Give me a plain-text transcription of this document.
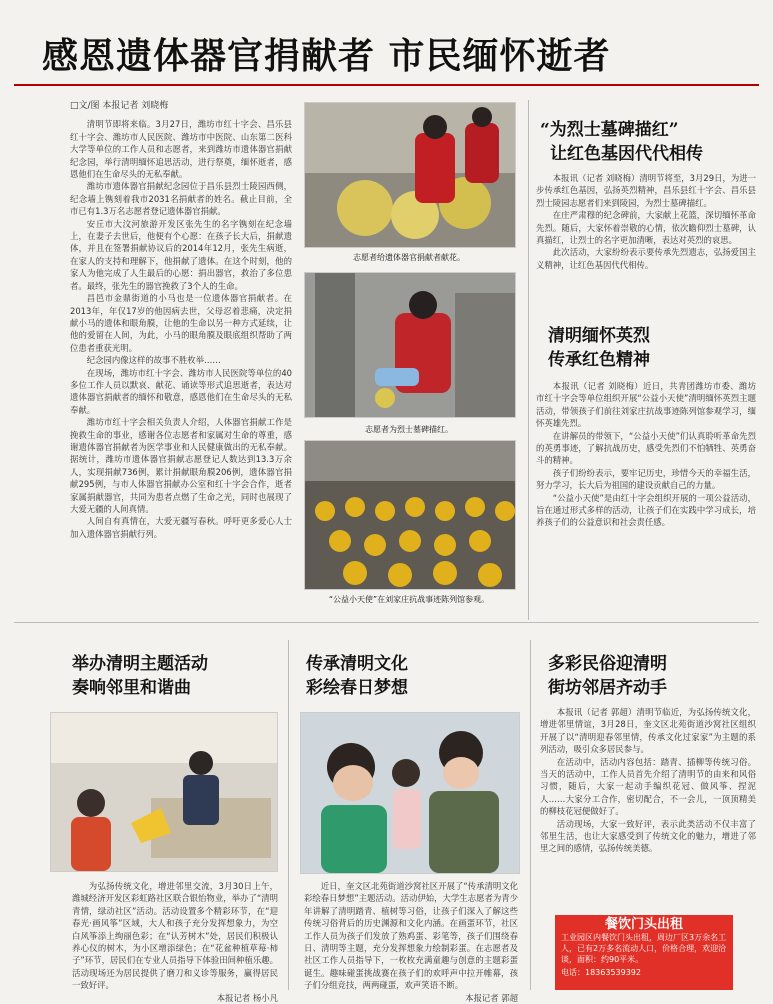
感恩遗体器官捐献者 市民缅怀逝者
□文/图 本报记者 刘晓梅

清明节即将来临。3月27日，潍坊市红十字会、昌乐县红十字会、潍坊市人民医院、潍坊市中医院、山东第二医科大学等单位的工作人员和志愿者，来到潍坊市遗体器官捐献纪念园，举行清明缅怀追思活动，进行祭奠，缅怀逝者，感恩他们在生命尽头的无私奉献。

潍坊市遗体器官捐献纪念园位于昌乐县烈士陵园西侧，纪念墙上镌刻着我市2031名捐献者的姓名。截止目前，全市已有1.3万名志愿者登记遗体器官捐献。

安丘市大汶河旅游开发区张先生的名字镌刻在纪念墙上，在妻子去世后，他便有个心愿：在孩子长大后，捐献遗体，并且在签署捐献协议后的2014年12月，张先生病逝，在家人的支持和理解下，他捐献了遗体。在这个时刻，他的家人为他完成了人生最后的心愿：捐出器官，救治了多位患者。最终，张先生的器官挽救了3个人的生命。

昌邑市金鼎街道的小马也是一位遗体器官捐献者。在2013年，年仅17岁的他因病去世，父母忍着悲痛，决定捐献小马的遗体和眼角膜，让他的生命以另一种方式延续，让他的爱留在人间，为此，小马的眼角膜及眼底组织帮助了两位患者重获光明。

纪念园内像这样的故事不胜枚举……

在现场，潍坊市红十字会、潍坊市人民医院等单位的40多位工作人员以默哀、献花、诵读等形式追思逝者，表达对遗体器官捐献者的缅怀和敬意，感恩他们在生命尽头的无私奉献。

潍坊市红十字会相关负责人介绍，人体器官捐献工作是挽救生命的事业，感谢各位志愿者和家属对生命的尊重，感谢遗体器官捐献者为医学事业和人民健康做出的无私奉献。据统计，潍坊市遗体器官捐献志愿登记人数达到13.3万余人，实现捐献736例，累计捐献眼角膜206例，遗体器官捐献295例，与市人体器官捐献办公室和红十字会合作，逝者家属捐献器官，共同为患者点燃了生命之光，同时也展现了大爱无疆的人间真情。

人间自有真情在，大爱无疆写春秋。呼吁更多爱心人士加入遗体器官捐献行列。

志愿者给遗体器官捐献者献花。
志愿者为烈士墓碑描红。
“公益小天使”在刘家庄抗战事迹陈列馆参观。
“为烈士墓碑描红”
让红色基因代代相传

本报讯（记者 刘晓梅）清明节将至，3月29日，为进一步传承红色基因，弘扬英烈精神，昌乐县红十字会、昌乐县烈士陵园志愿者们来到陵园，为烈士墓碑描红。

在庄严肃穆的纪念碑前，大家献上花篮，深切缅怀革命先烈。随后，大家怀着崇敬的心情，依次瞻仰烈士墓碑，认真描红，让烈士的名字更加清晰，表达对英烈的哀思。

此次活动，大家纷纷表示要传承先烈遗志，弘扬爱国主义精神，让红色基因代代相传。

清明缅怀英烈
传承红色精神

本报讯（记者 刘晓梅）近日，共青团潍坊市委、潍坊市红十字会等单位组织开展“公益小天使”清明缅怀英烈主题活动，带领孩子们前往刘家庄抗战事迹陈列馆参观学习，缅怀英雄先烈。

在讲解员的带领下，“公益小天使”们认真聆听革命先烈的英勇事迹，了解抗战历史，感受先烈们不怕牺牲、英勇奋斗的精神。

孩子们纷纷表示，要牢记历史，珍惜今天的幸福生活，努力学习，长大后为祖国的建设贡献自己的力量。

“公益小天使”是由红十字会组织开展的一项公益活动，旨在通过形式多样的活动，让孩子们在实践中学习成长，培养孩子们的公益意识和社会责任感。

举办清明主题活动
奏响邻里和谐曲

为弘扬传统文化，增进邻里交流，3月30日上午，潍城经济开发区彩虹路社区联合银怡物业，举办了“清明青情，绿动社区”活动。活动设置多个精彩环节，在“迎春光·画风筝”区域，大人和孩子充分发挥想象力，为空白风筝添上绚丽色彩；在“认芳树木”处，居民们积极认养心仪的树木，为小区增添绿色；在“花盆种植草莓·柿子”环节，居民们在专业人员指导下体验田间种植乐趣。活动现场还为居民提供了磨刀和义诊等服务，赢得居民一致好评。

本报记者 杨小凡

传承清明文化
彩绘春日梦想

近日，奎文区北苑街道沙窝社区开展了“传承清明文化 彩绘春日梦想”主题活动。活动伊始，大学生志愿者为青少年讲解了清明踏青、植树等习俗，让孩子们深入了解这些传统习俗背后的历史渊源和文化内涵。在画蛋环节，社区工作人员为孩子们发放了熟鸡蛋、彩笔等，孩子们围绕春日、清明等主题，充分发挥想象力绘制彩蛋。在志愿者及社区工作人员指导下，一枚枚充满童趣与创意的主题彩蛋诞生。趣味碰蛋挑战赛在孩子们的欢呼声中拉开帷幕，孩子们分组竞技，两两碰蛋，欢声笑语不断。

本报记者 郭超

多彩民俗迎清明
街坊邻居齐动手

本报讯（记者 郭超）清明节临近，为弘扬传统文化，增进邻里情谊，3月28日，奎文区北苑街道沙窝社区组织开展了以“清明迎春邻里情，传承文化过家家”为主题的系列活动，吸引众多居民参与。

在活动中，活动内容包括：踏青、插柳等传统习俗。当天的活动中，工作人员首先介绍了清明节的由来和风俗习惯，随后，大家一起动手编织花冠、做风筝、捏泥人……大家分工合作，密切配合，不一会儿，一顶顶精美的柳枝花冠便做好了。

活动现场，大家一致好评，表示此类活动不仅丰富了邻里生活，也让大家感受到了传统文化的魅力，增进了邻里之间的感情，弘扬传统美德。

餐饮门头出租
工业园区内餐饮门头出租，周边厂区3万余名工人，已有2万多名流动人口，价格合理，欢迎洽谈，面积：约90平米。
电话：18363539392
